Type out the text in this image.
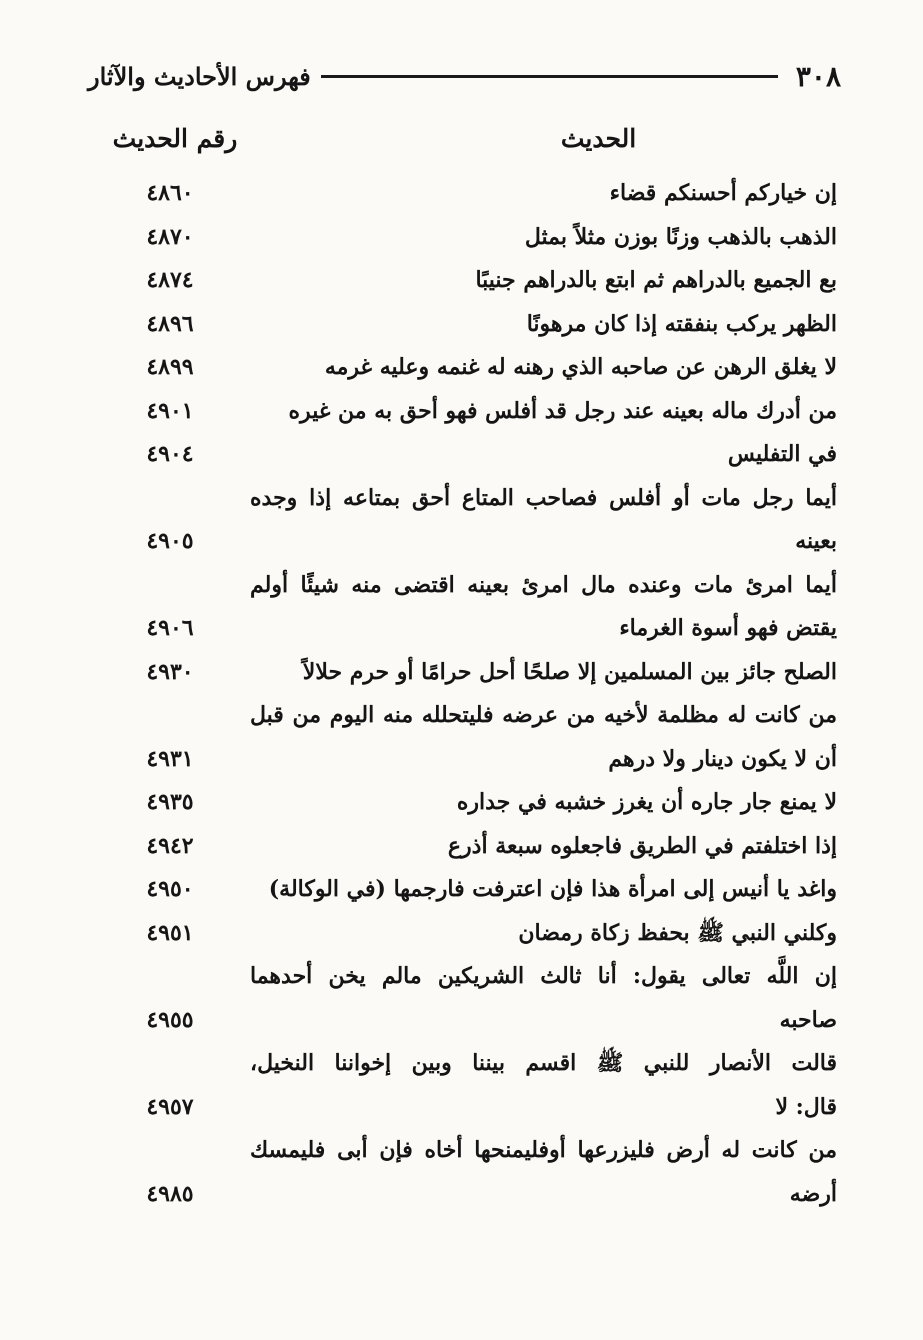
٣٠٨
فهرس الأحاديث والآثار
الحديث
رقم الحديث
إن خياركم أحسنكم قضاء
٤٨٦٠
الذهب بالذهب وزنًا بوزن مثلاً بمثل
٤٨٧٠
بع الجميع بالدراهم ثم ابتع بالدراهم جنيبًا
٤٨٧٤
الظهر يركب بنفقته إذا كان مرهونًا
٤٨٩٦
لا يغلق الرهن عن صاحبه الذي رهنه له غنمه وعليه غرمه
٤٨٩٩
من أدرك ماله بعينه عند رجل قد أفلس فهو أحق به من غيره
٤٩٠١
في التفليس
٤٩٠٤
أيما رجل مات أو أفلس فصاحب المتاع أحق بمتاعه إذا وجده
بعينه
٤٩٠٥
أيما امرئ مات وعنده مال امرئ بعينه اقتضى منه شيئًا أولم
يقتض فهو أسوة الغرماء
٤٩٠٦
الصلح جائز بين المسلمين إلا صلحًا أحل حرامًا أو حرم حلالاً
٤٩٣٠
من كانت له مظلمة لأخيه من عرضه فليتحلله منه اليوم من قبل
أن لا يكون دينار ولا درهم
٤٩٣١
لا يمنع جار جاره أن يغرز خشبه في جداره
٤٩٣٥
إذا اختلفتم في الطريق فاجعلوه سبعة أذرع
٤٩٤٢
واغد يا أنيس إلى امرأة هذا فإن اعترفت فارجمها (في الوكالة)
٤٩٥٠
وكلني النبي ﷺ بحفظ زكاة رمضان
٤٩٥١
إن اللَّه تعالى يقول: أنا ثالث الشريكين مالم يخن أحدهما
صاحبه
٤٩٥٥
قالت الأنصار للنبي ﷺ اقسم بيننا وبين إخواننا النخيل،
قال: لا
٤٩٥٧
من كانت له أرض فليزرعها أوفليمنحها أخاه فإن أبى فليمسك
أرضه
٤٩٨٥
